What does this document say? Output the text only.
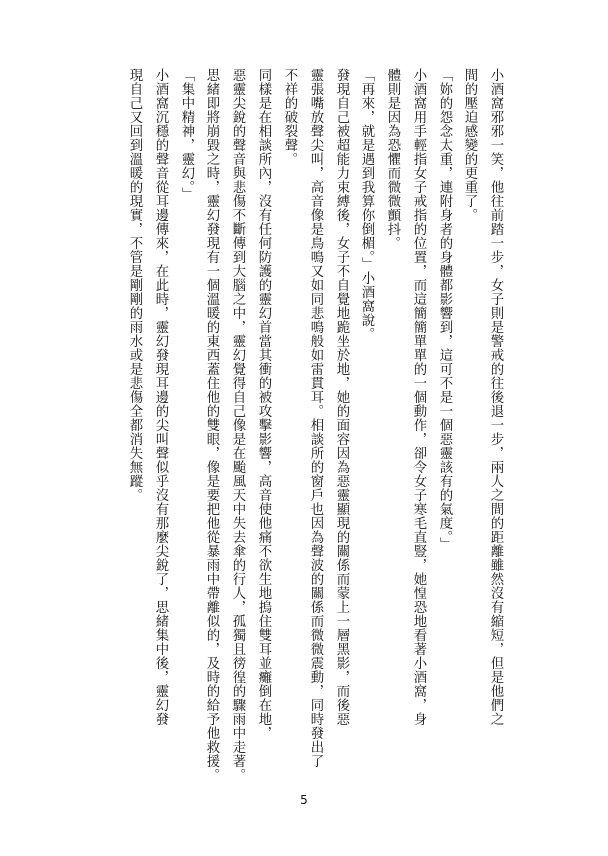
小酒窩邪邪一笑，他往前踏一步，女子則是警戒的往後退一步，兩人之間的距離雖然沒有縮短，但是他們之
間的壓迫感變的更重了。
「妳的怨念太重，連附身者的身體都影響到，這可不是一個惡靈該有的氣度。」
小酒窩用手輕指女子戒指的位置，而這簡簡單單的一個動作，卻令女子寒毛直豎，她惶恐地看著小酒窩，身
體則是因為恐懼而微微顫抖。
「再來，就是遇到我算你倒楣。」小酒窩說。
發現自己被超能力束縛後，女子不自覺地跪坐於地，她的面容因為惡靈顯現的關係而蒙上一層黑影，而後惡
靈張嘴放聲尖叫，高音像是鳥鳴又如同悲鳴般如雷貫耳。相談所的窗戶也因為聲波的關係而微微震動，同時發出了
不祥的破裂聲。
同樣是在相談所內，沒有任何防護的靈幻首當其衝的被攻擊影響，高音使他痛不欲生地摀住雙耳並癱倒在地，
惡靈尖銳的聲音與悲傷不斷傳到大腦之中，靈幻覺得自己像是在颱風天中失去傘的行人，孤獨且徬徨的驟雨中走著。
思緒即將崩毀之時，靈幻發現有一個溫暖的東西蓋住他的雙眼，像是要把他從暴雨中帶離似的，及時的給予他救援。
「集中精神，靈幻。」
小酒窩沉穩的聲音從耳邊傳來，在此時，靈幻發現耳邊的尖叫聲似乎沒有那麼尖銳了，思緒集中後，靈幻發
現自己又回到溫暖的現實，不管是剛剛的雨水或是悲傷全都消失無蹤。
5
